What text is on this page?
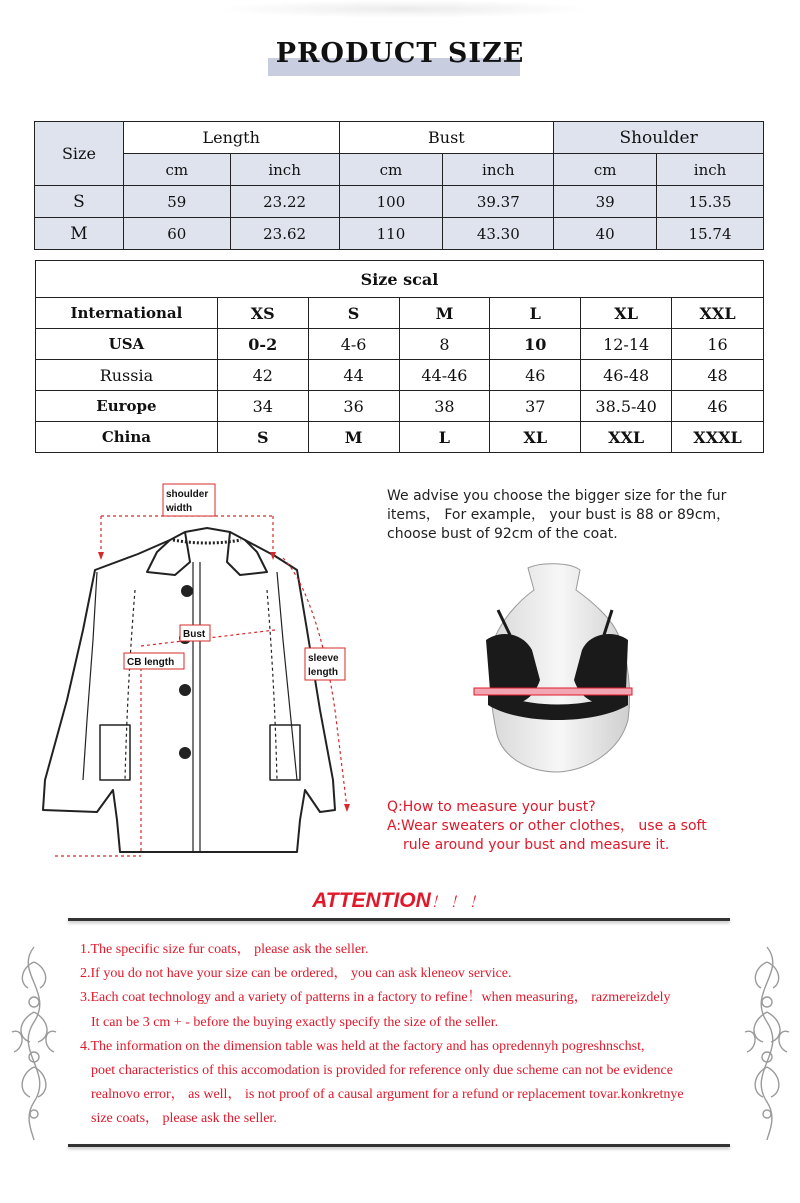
PRODUCT SIZE
Size	Length		Bust		Shoulder	
	cm	inch	cm	inch	cm	inch
S	59	23.22	100	39.37	39	15.35
M	60	23.62	110	43.30	40	15.74
Size scal						
International	XS	S	M	L	XL	XXL
USA	0-2	4-6	8	10	12-14	16
Russia	42	44	44-46	46	46-48	48
Europe	34	36	38	37	38.5-40	46
China	S	M	L	XL	XXL	XXXL
shoulder
width
Bust
CB length	sleeve
length
We advise you choose the bigger size for the fur
items， For example， your bust is 88 or 89cm，
choose bust of 92cm of the coat.
Q:How to measure your bust?
A:Wear sweaters or other clothes， use a soft
rule around your bust and measure it.
ATTENTION！！！
1.The specific size fur coats， please ask the seller.
2.If you do not have your size can be ordered， you can ask kleneov service.
3.Each coat technology and a variety of patterns in a factory to refine！when measuring， razmereizdely
It can be 3 cm + - before the buying exactly specify the size of the seller.
4.The information on the dimension table was held at the factory and has opredennyh pogreshnschst,
poet characteristics of this accomodation is provided for reference only due scheme can not be evidence
realnovo error， as well， is not proof of a causal argument for a refund or replacement tovar.konkretnye
size coats， please ask the seller.
